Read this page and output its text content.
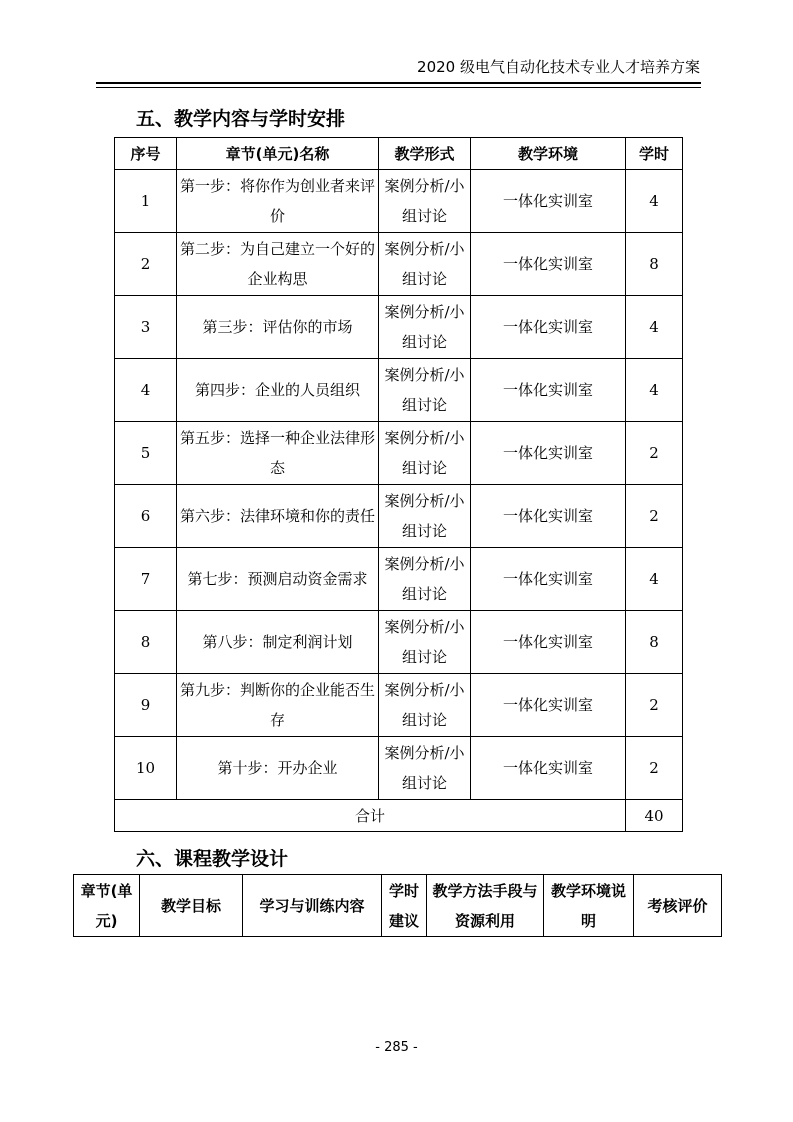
2020 级电气自动化技术专业人才培养方案
五、教学内容与学时安排
序号	章节(单元)名称	教学形式	教学环境	学时
1	第一步：将你作为创业者来评价	案例分析/小组讨论	一体化实训室	4
2	第二步：为自己建立一个好的企业构思	案例分析/小组讨论	一体化实训室	8
3	第三步：评估你的市场	案例分析/小组讨论	一体化实训室	4
4	第四步：企业的人员组织	案例分析/小组讨论	一体化实训室	4
5	第五步：选择一种企业法律形态	案例分析/小组讨论	一体化实训室	2
6	第六步：法律环境和你的责任	案例分析/小组讨论	一体化实训室	2
7	第七步：预测启动资金需求	案例分析/小组讨论	一体化实训室	4
8	第八步：制定利润计划	案例分析/小组讨论	一体化实训室	8
9	第九步：判断你的企业能否生存	案例分析/小组讨论	一体化实训室	2
10	第十步：开办企业	案例分析/小组讨论	一体化实训室	2
合计				40
六、课程教学设计
章节(单元)	教学目标	学习与训练内容	学时建议	教学方法手段与资源利用	教学环境说明	考核评价
- 285 -
